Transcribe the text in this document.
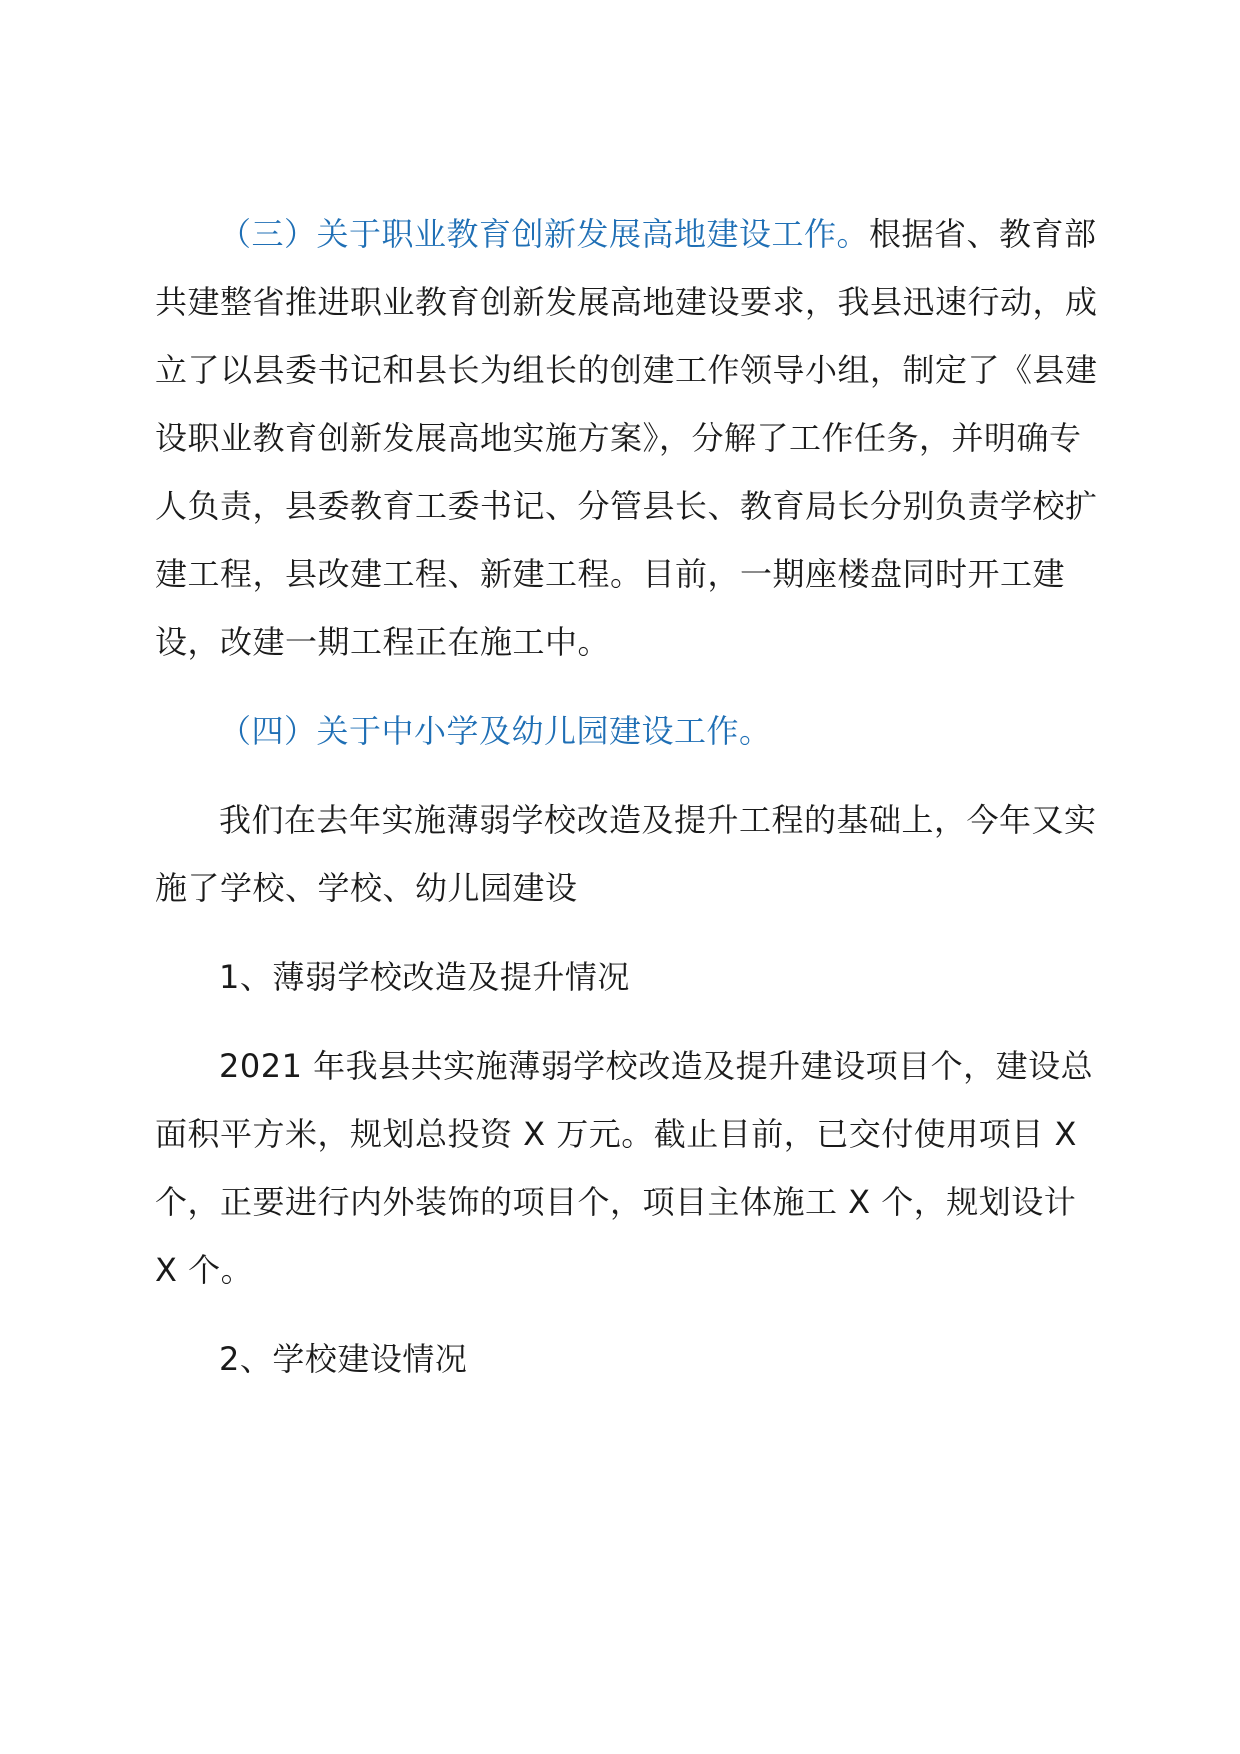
（三）关于职业教育创新发展高地建设工作。根据省、教育部共建整省推进职业教育创新发展高地建设要求，我县迅速行动，成立了以县委书记和县长为组长的创建工作领导小组，制定了《县建设职业教育创新发展高地实施方案》，分解了工作任务，并明确专人负责，县委教育工委书记、分管县长、教育局长分别负责学校扩建工程，县改建工程、新建工程。目前，一期座楼盘同时开工建设，改建一期工程正在施工中。

（四）关于中小学及幼儿园建设工作。

我们在去年实施薄弱学校改造及提升工程的基础上，今年又实施了学校、学校、幼儿园建设

1、薄弱学校改造及提升情况

2021 年我县共实施薄弱学校改造及提升建设项目个，建设总面积平方米，规划总投资 X 万元。截止目前，已交付使用项目 X 个，正要进行内外装饰的项目个，项目主体施工 X 个，规划设计 X 个。

2、学校建设情况
